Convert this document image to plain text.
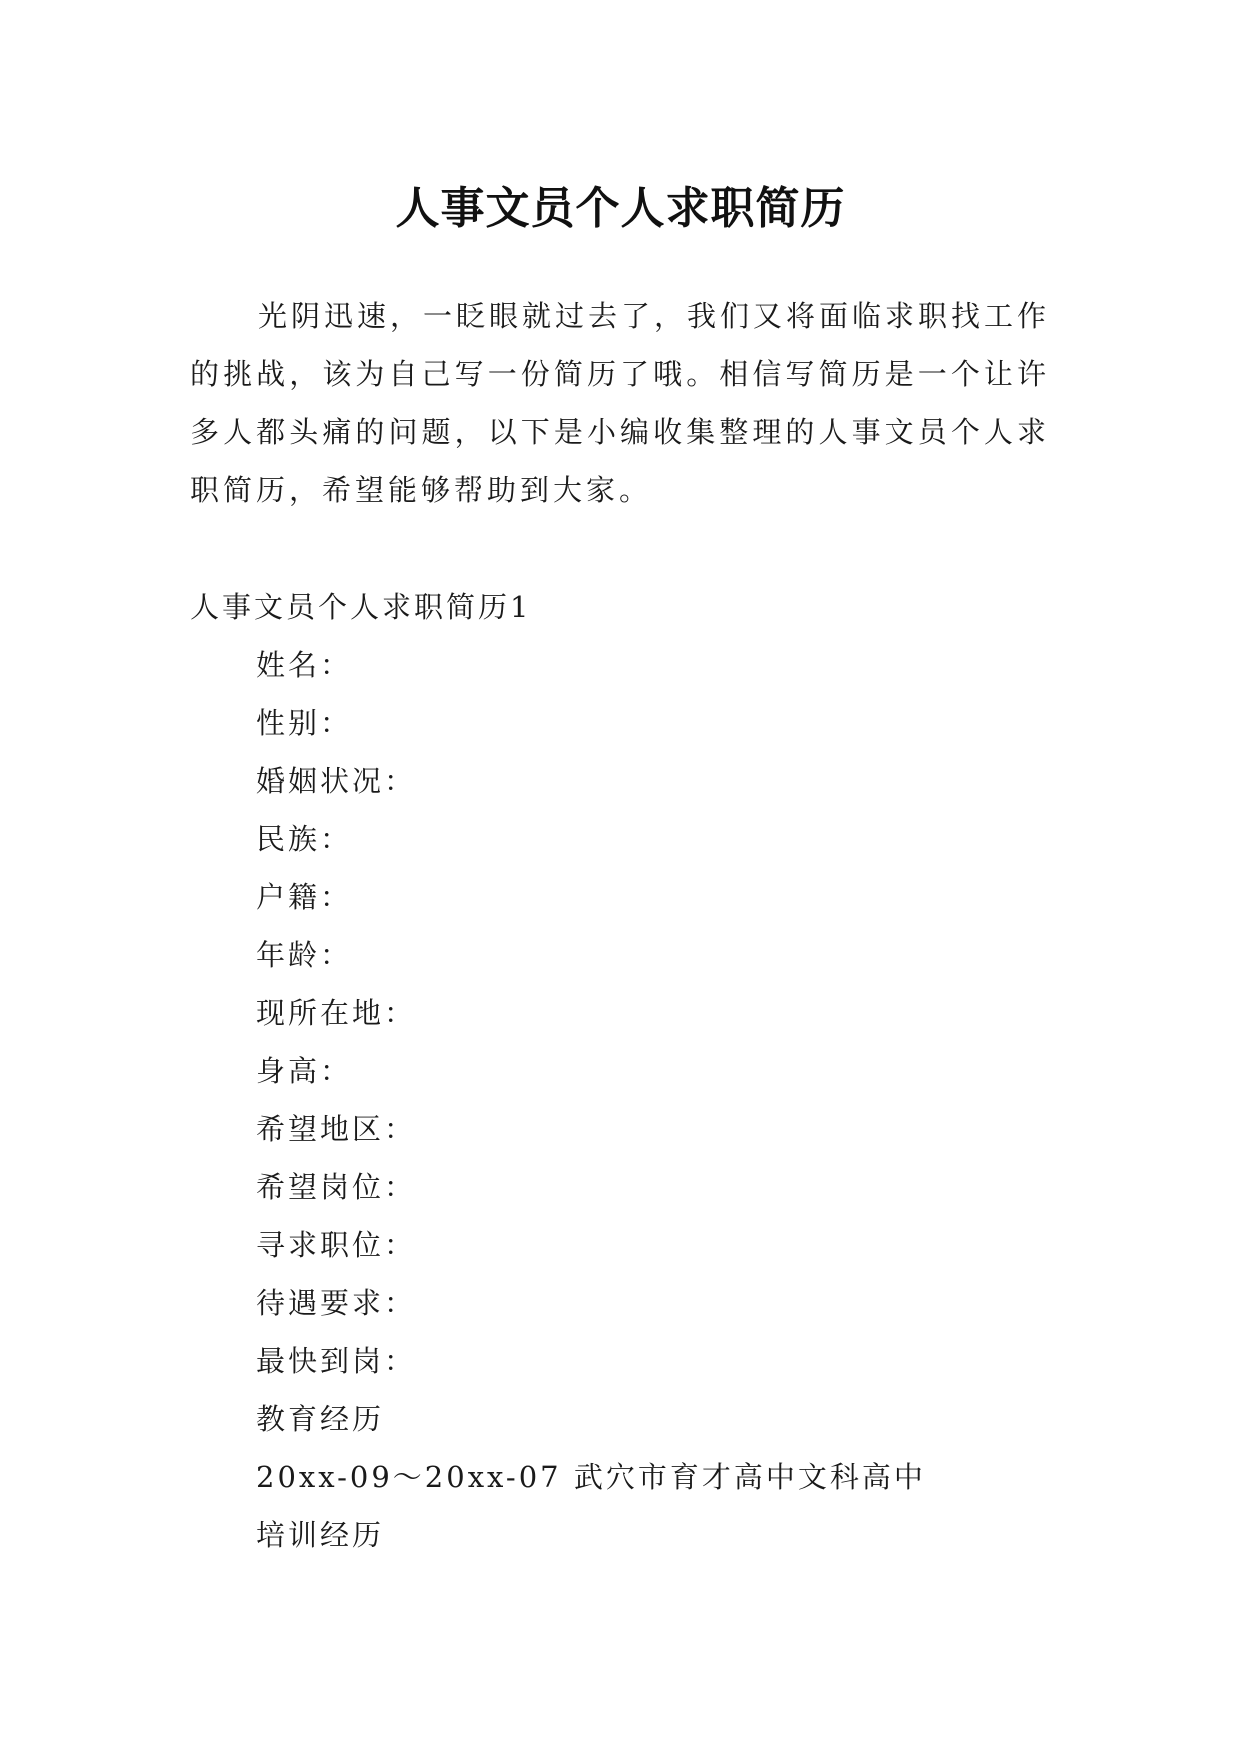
人事文员个人求职简历

光阴迅速，一眨眼就过去了，我们又将面临求职找工作的挑战，该为自己写一份简历了哦。相信写简历是一个让许多人都头痛的问题，以下是小编收集整理的人事文员个人求职简历，希望能够帮助到大家。

人事文员个人求职简历1

姓名：
性别：
婚姻状况：
民族：
户籍：
年龄：
现所在地：
身高：
希望地区：
希望岗位：
寻求职位：
待遇要求：
最快到岗：
教育经历
20xx-09～20xx-07 武穴市育才高中文科高中
培训经历
